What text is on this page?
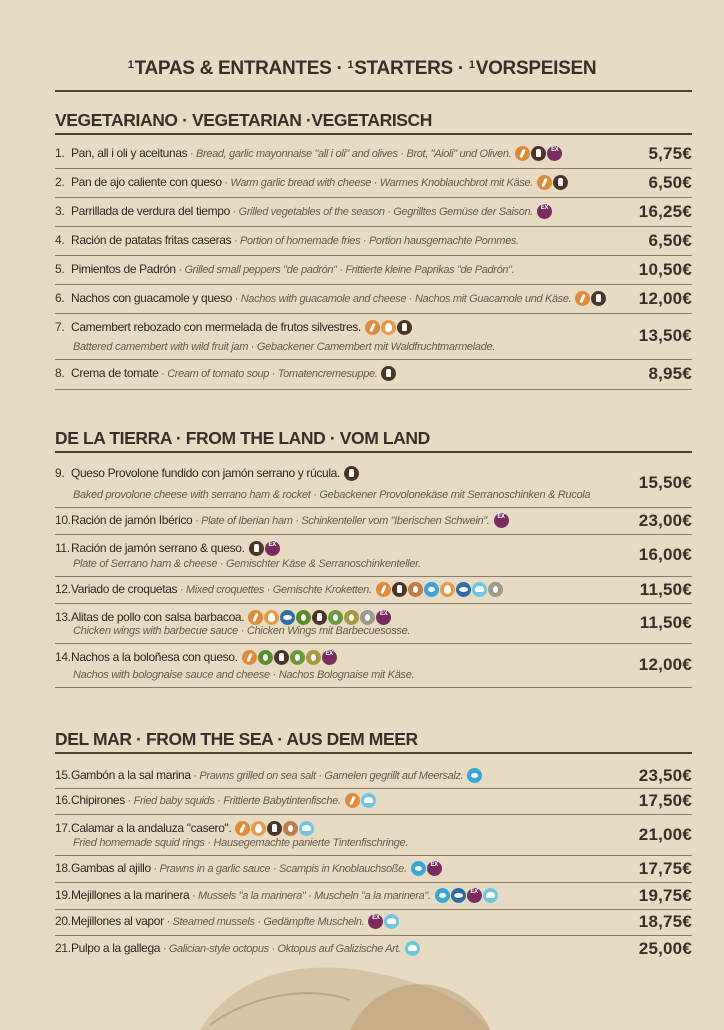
$^1$TAPAS & ENTRANTES · $^1$STARTERS · $^1$VORSPEISEN
VEGETARIANO · VEGETARIAN ·VEGETARISCH
1. Pan, all i oli y aceitunas · Bread, garlic mayonnaise "all i oli" and olives · Brot, "Aioli" und Oliven.	EX	5,75€
2. Pan de ajo caliente con queso · Warm garlic bread with cheese · Warmes Knoblauchbrot mit Käse.	6,50€
3. Parrillada de verdura del tiempo · Grilled vegetables of the season · Gegrilltes Gemüse der Saison. EX	16,25€
4. Ración de patatas fritas caseras · Portion of homemade fries · Portion hausgemachte Pommes.	6,50€
5. Pimientos de Padrón · Grilled small peppers "de padrón" · Frittierte kleine Paprikas "de Padrón".	10,50€
6. Nachos con guacamole y queso · Nachos with guacamole and cheese · Nachos mit Guacamole und Käse.	12,00€
7. Camembert rebozado con mermelada de frutos silvestres.
Battered camembert with wild fruit jam · Gebackener Camembert mit Waldfruchtmarmelade.
13,50€
8. Crema de tomate · Cream of tomato soup · Tomatencremesuppe.	8,95€
DE LA TIERRA · FROM THE LAND · VOM LAND
9. Queso Provolone fundido con jamón serrano y rúcula.
Baked provolone cheese with serrano ham & rocket · Gebackener Provolonekäse mit Serranoschinken & Rucola
15,50€
10.Ración de jamón Ibérico · Plate of Iberian ham · Schinkenteller vom "Iberischen Schwein". EX	23,00€
11.Ración de jamón serrano & queso.	EX
Plate of Serrano ham & cheese · Gemischter Käse & Serranoschinkenteller.	16,00€
12.Variado de croquetas · Mixed croquettes · Gemischte Kroketten.	11,50€
13.Alitas de pollo con salsa barbacoa.	EX
Chicken wings with barbecue sauce · Chicken Wings mit Barbecuesosse.	11,50€
14.Nachos a la boloñesa con queso.	EX
Nachos with bolognaise sauce and cheese · Nachos Bolognaise mit Käse.
12,00€
DEL MAR · FROM THE SEA · AUS DEM MEER
15.Gambón a la sal marina · Prawns grilled on sea salt · Garnelen gegrillt auf Meersalz.	23,50€
16.Chipirones · Fried baby squids · Frittierte Babytintenfische.	17,50€
17.Calamar a la andaluza "casero".
Fried homemade squid rings · Hausegemachte panierte Tintenfischringe.	21,00€
18.Gambas al ajillo · Prawns in a garlic sauce · Scampis in Knoblauchsoße.	EX	17,75€
19.Mejillones a la marinera · Mussels "a la marinera" · Muscheln "a la marinera".	EX	19,75€
20.Mejillones al vapor · Steamed mussels · Gedämpfte Muscheln. EX	18,75€
21.Pulpo a la gallega · Galician-style octopus · Oktopus auf Galizische Art.	25,00€
